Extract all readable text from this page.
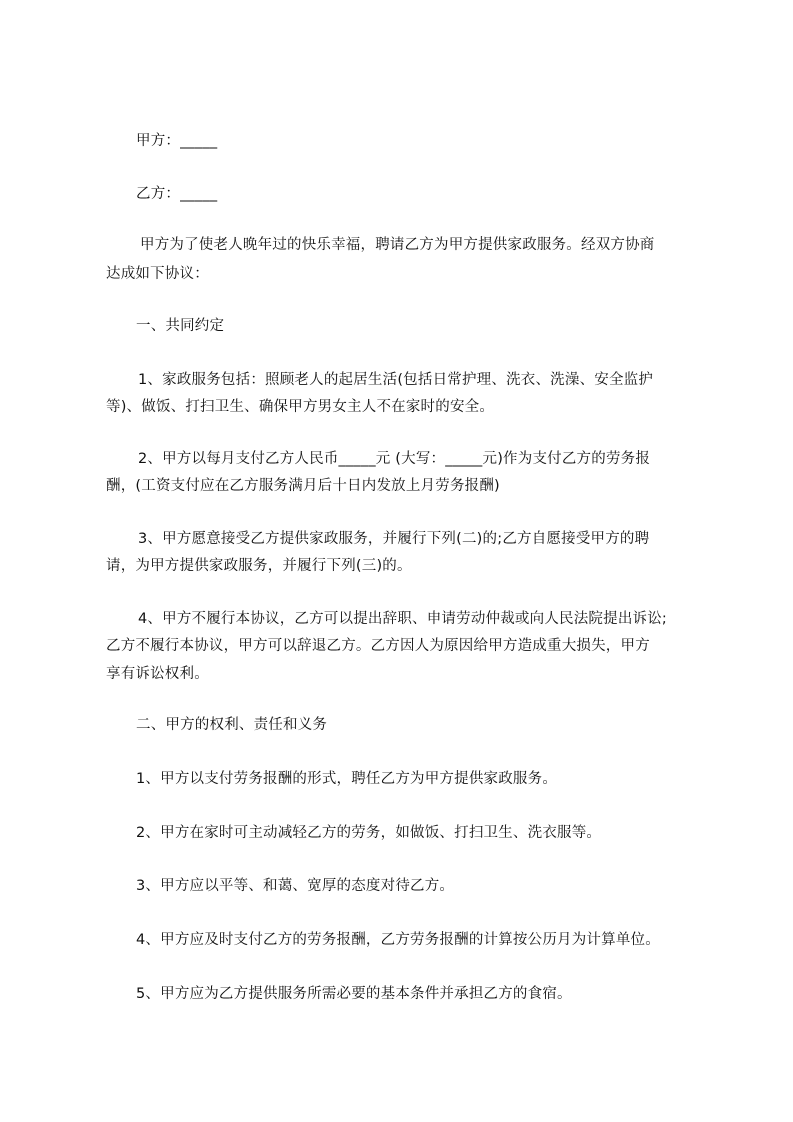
甲方：_____
乙方：_____
甲方为了使老人晚年过的快乐幸福，聘请乙方为甲方提供家政服务。经双方协商
达成如下协议：
一、共同约定
1、家政服务包括：照顾老人的起居生活(包括日常护理、洗衣、洗澡、安全监护
等)、做饭、打扫卫生、确保甲方男女主人不在家时的安全。
2、甲方以每月支付乙方人民币_____元 (大写：_____元)作为支付乙方的劳务报
酬，(工资支付应在乙方服务满月后十日内发放上月劳务报酬)
3、甲方愿意接受乙方提供家政服务，并履行下列(二)的;乙方自愿接受甲方的聘
请，为甲方提供家政服务，并履行下列(三)的。
4、甲方不履行本协议，乙方可以提出辞职、申请劳动仲裁或向人民法院提出诉讼;
乙方不履行本协议，甲方可以辞退乙方。乙方因人为原因给甲方造成重大损失，甲方
享有诉讼权利。
二、甲方的权利、责任和义务
1、甲方以支付劳务报酬的形式，聘任乙方为甲方提供家政服务。
2、甲方在家时可主动减轻乙方的劳务，如做饭、打扫卫生、洗衣服等。
3、甲方应以平等、和蔼、宽厚的态度对待乙方。
4、甲方应及时支付乙方的劳务报酬，乙方劳务报酬的计算按公历月为计算单位。
5、甲方应为乙方提供服务所需必要的基本条件并承担乙方的食宿。
